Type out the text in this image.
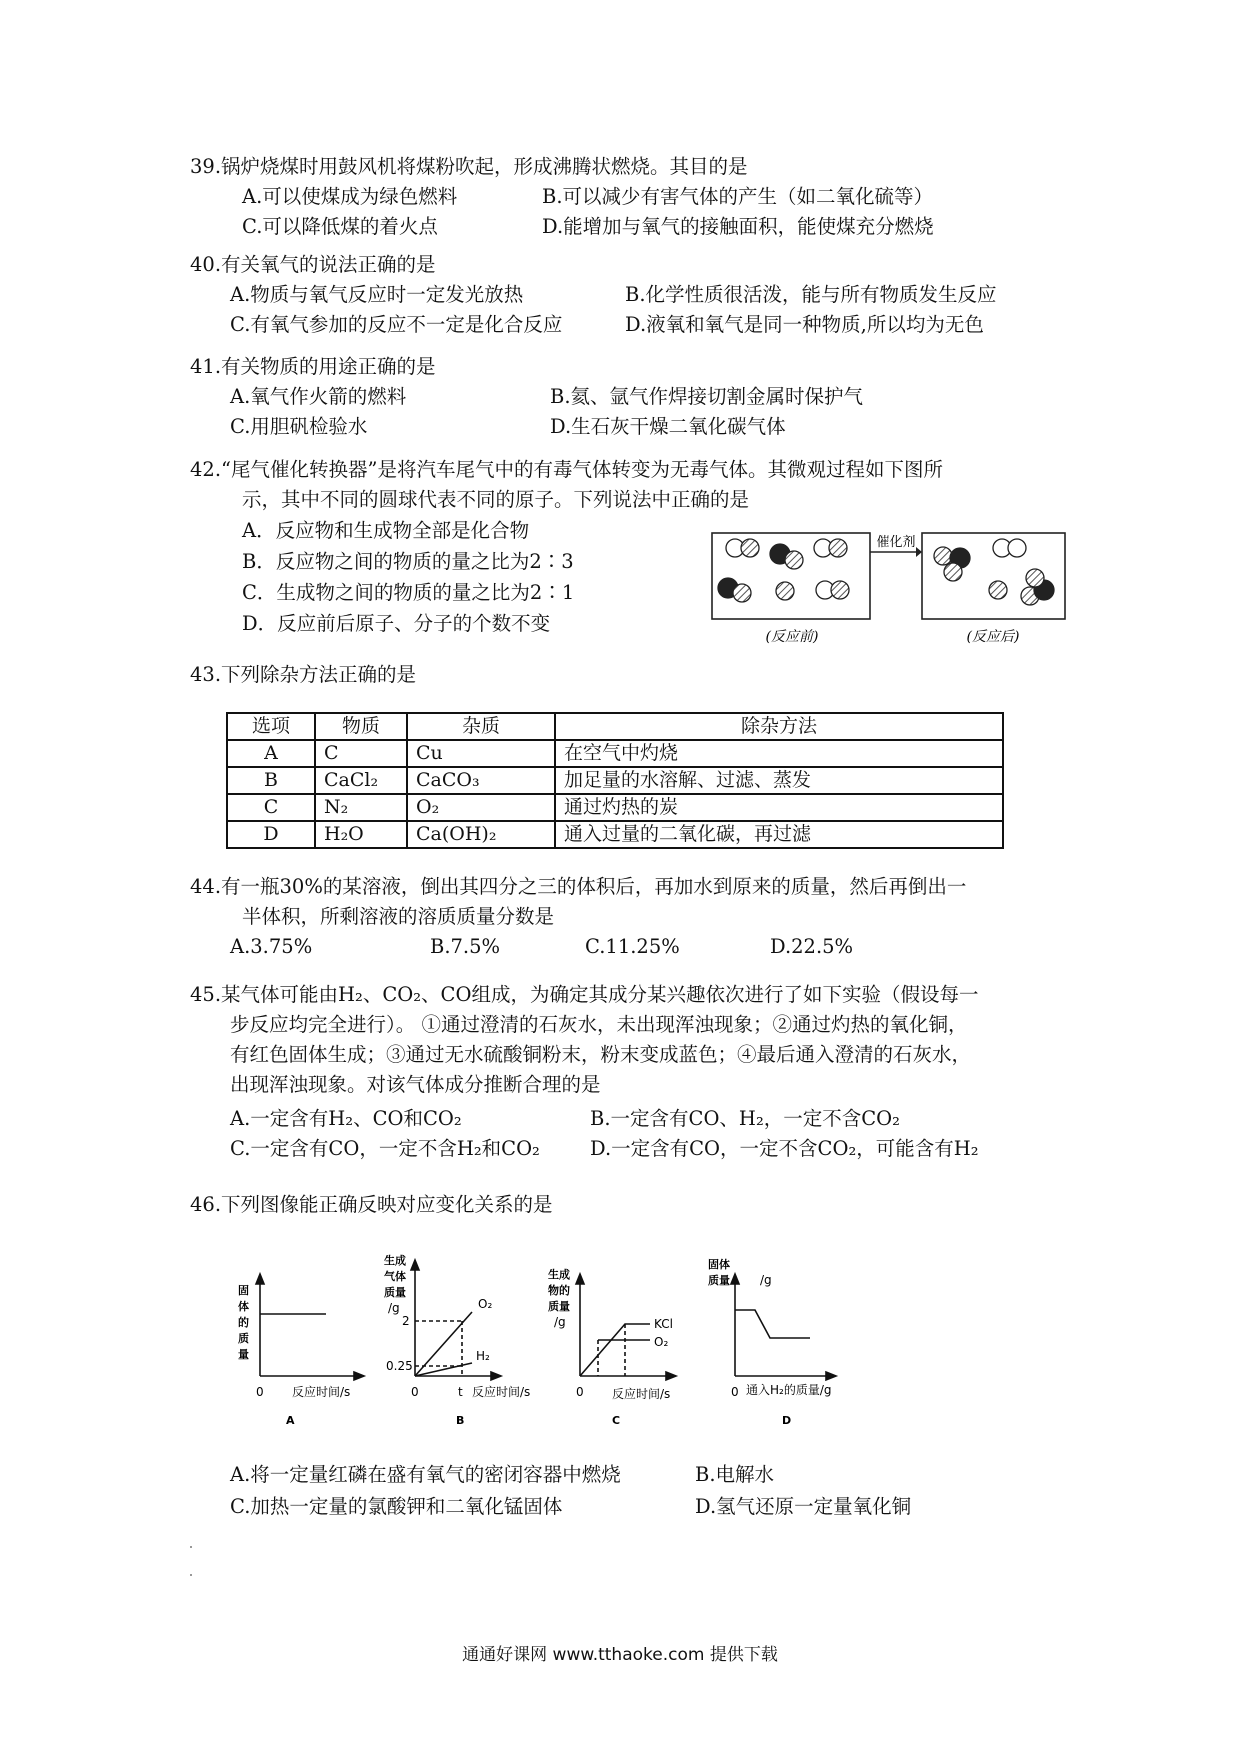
39.锅炉烧煤时用鼓风机将煤粉吹起，形成沸腾状燃烧。其目的是

A.可以使煤成为绿色燃料	B.可以减少有害气体的产生（如二氧化硫等）
C.可以降低煤的着火点	D.能增加与氧气的接触面积，能使煤充分燃烧

40.有关氧气的说法正确的是

A.物质与氧气反应时一定发光放热	B.化学性质很活泼，能与所有物质发生反应
C.有氧气参加的反应不一定是化合反应	D.液氧和氧气是同一种物质,所以均为无色

41.有关物质的用途正确的是

A.氧气作火箭的燃料	B.氦、氩气作焊接切割金属时保护气
C.用胆矾检验水	D.生石灰干燥二氧化碳气体

42.“尾气催化转换器”是将汽车尾气中的有毒气体转变为无毒气体。其微观过程如下图所

示，其中不同的圆球代表不同的原子。下列说法中正确的是

A．反应物和生成物全部是化合物
B．反应物之间的物质的量之比为2∶3
C．生成物之间的物质的量之比为2∶1
D．反应前后原子、分子的个数不变
催化剂
(反应前)	(反应后)

43.下列除杂方法正确的是

选项	物质	杂质	除杂方法
A	C	Cu	在空气中灼烧
B	CaCl₂	CaCO₃	加足量的水溶解、过滤、蒸发
C	N₂	O₂	通过灼热的炭
D	H₂O	Ca(OH)₂	通入过量的二氧化碳，再过滤

44.有一瓶30%的某溶液，倒出其四分之三的体积后，再加水到原来的质量，然后再倒出一

半体积，所剩溶液的溶质质量分数是

A.3.75%	B.7.5%	C.11.25%	D.22.5%

45.某气体可能由H₂、CO₂、CO组成，为确定其成分某兴趣依次进行了如下实验（假设每一

步反应均完全进行）。 ①通过澄清的石灰水，未出现浑浊现象；②通过灼热的氧化铜，

有红色固体生成；③通过无水硫酸铜粉末，粉末变成蓝色；④最后通入澄清的石灰水，

出现浑浊现象。对该气体成分推断合理的是

A.一定含有H₂、CO和CO₂	B.一定含有CO、H₂，一定不含CO₂
C.一定含有CO，一定不含H₂和CO₂	D.一定含有CO，一定不含CO₂，可能含有H₂

46.下列图像能正确反映对应变化关系的是

固
体
的
质
量
0 反应时间/s
A
生成
气体
质量
/g
2
0.25
0	t 反应时间/s
O₂
H₂
B
生成
物的
质量
/g
0 反应时间/s
KCl
O₂
C
固体
质量	/g
0 通入H₂的质量/g
D
A.将一定量红磷在盛有氧气的密闭容器中燃烧	B.电解水
C.加热一定量的氯酸钾和二氧化锰固体	D.氢气还原一定量氧化铜
通通好课网 www.tthaoke.com 提供下载
